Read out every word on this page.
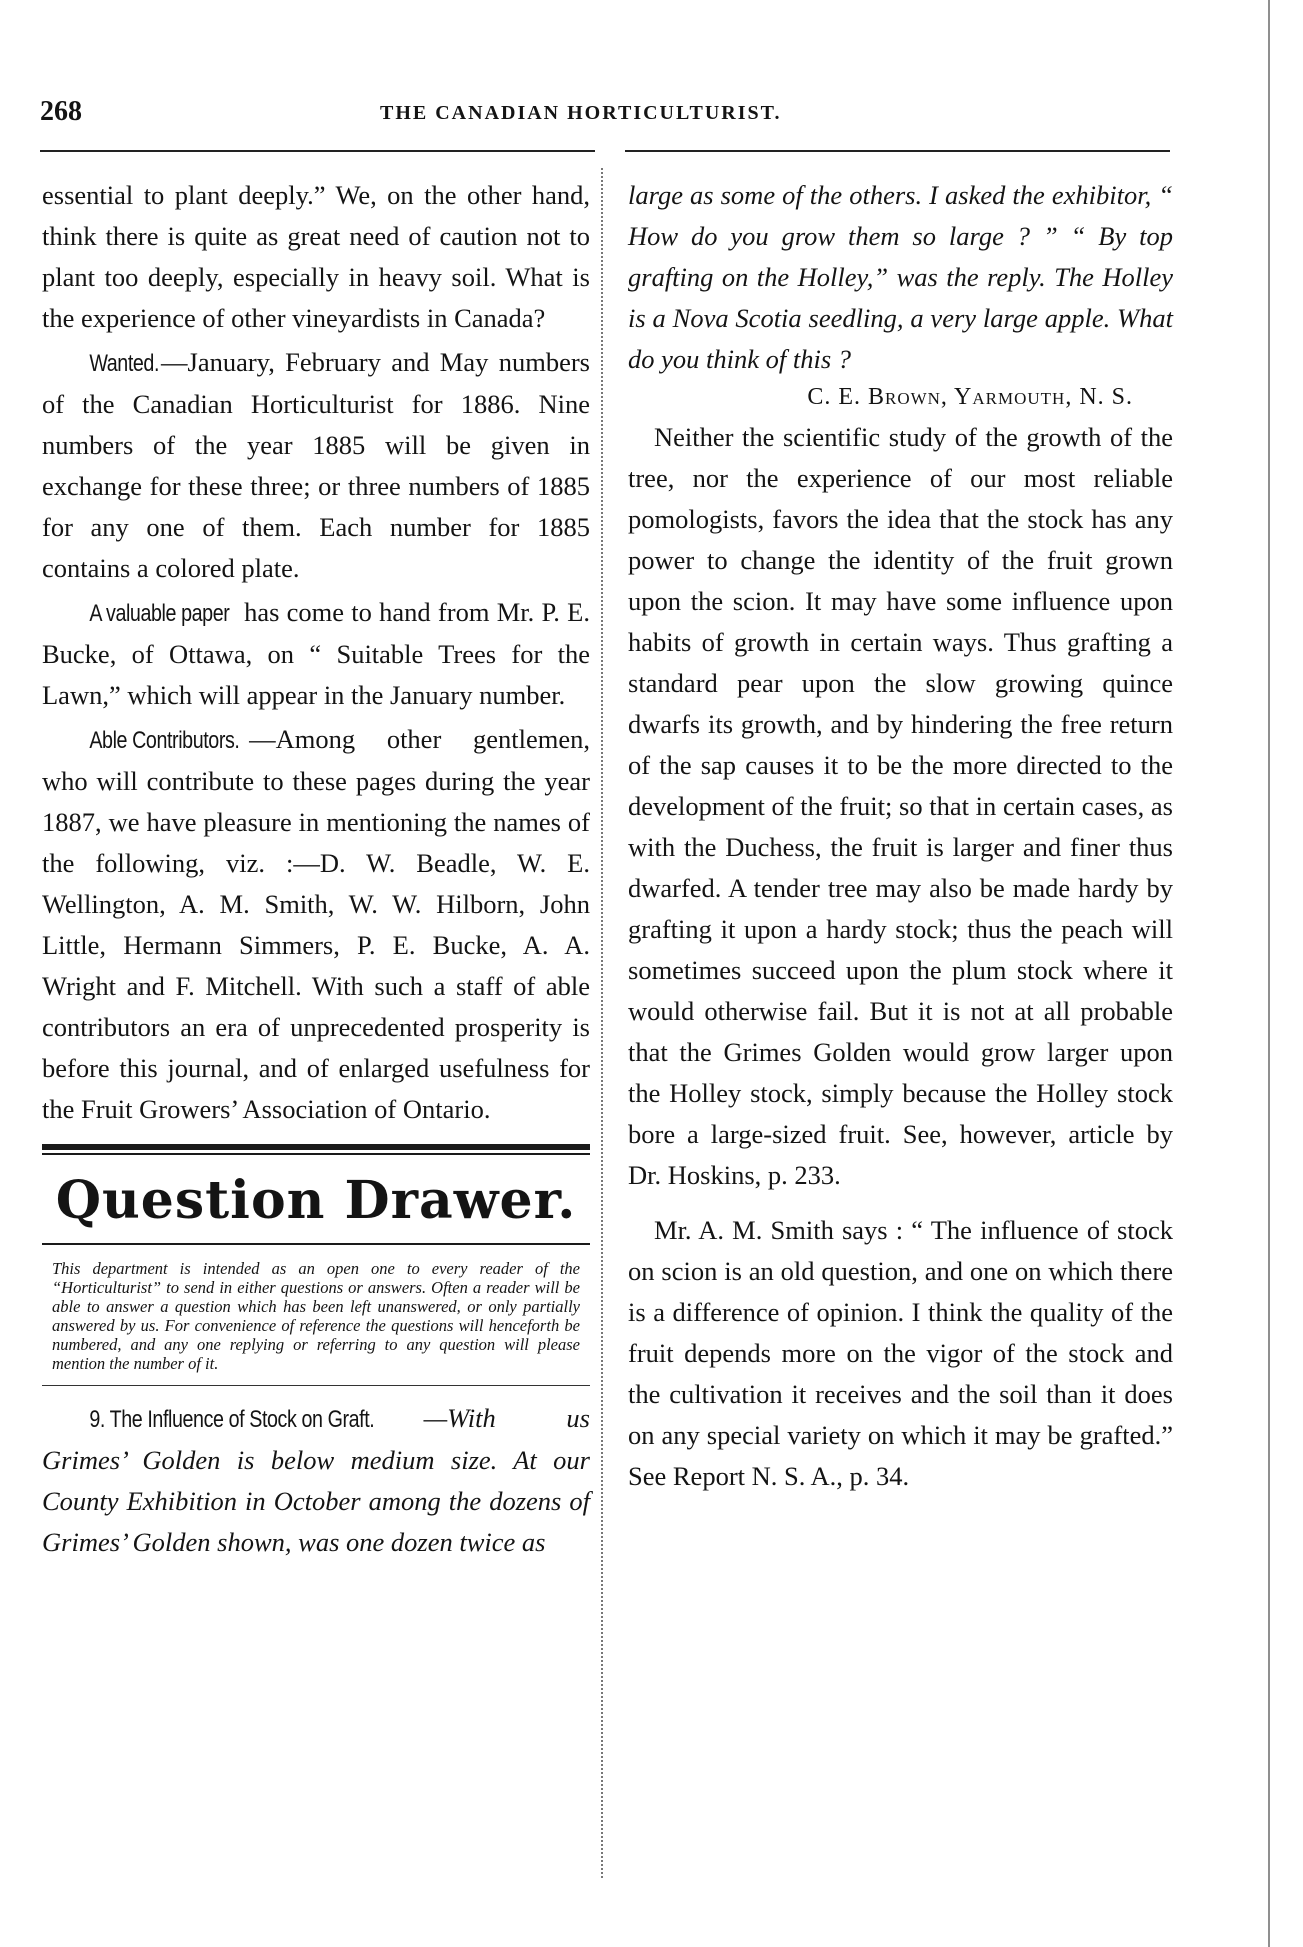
268	THE CANADIAN HORTICULTURIST.

essential to plant deeply.” We, on the other hand, think there is quite as great need of caution not to plant too deeply, especially in heavy soil. What is the experience of other vineyardists in Canada?

Wanted.—January, February and May numbers of the Canadian Horticulturist for 1886. Nine numbers of the year 1885 will be given in exchange for these three; or three numbers of 1885 for any one of them. Each number for 1885 contains a colored plate.

A valuable paper has come to hand from Mr. P. E. Bucke, of Ottawa, on “ Suitable Trees for the Lawn,” which will appear in the January number.

Able Contributors. —Among other gentlemen, who will contribute to these pages during the year 1887, we have pleasure in mentioning the names of the following, viz. :—D. W. Beadle, W. E. Wellington, A. M. Smith, W. W. Hilborn, John Little, Hermann Simmers, P. E. Bucke, A. A. Wright and F. Mitchell. With such a staff of able contributors an era of unprecedented prosperity is before this journal, and of enlarged usefulness for the Fruit Growers’ Association of Ontario.

Question Drawer.
This department is intended as an open one to every reader of the “Horticulturist” to send in either questions or answers. Often a reader will be able to answer a question which has been left unanswered, or only partially answered by us. For convenience of reference the questions will henceforth be numbered, and any one replying or referring to any question will please mention the number of it.

9. The Influence of Stock on Graft. —With us Grimes’ Golden is below medium size. At our County Exhibition in October among the dozens of Grimes’ Golden shown, was one dozen twice as

large as some of the others. I asked the exhibitor, “ How do you grow them so large ? ” “ By top grafting on the Holley,” was the reply. The Holley is a Nova Scotia seedling, a very large apple. What do you think of this ?

C. E. Brown, Yarmouth, N. S.

Neither the scientific study of the growth of the tree, nor the experience of our most reliable pomologists, favors the idea that the stock has any power to change the identity of the fruit grown upon the scion. It may have some influence upon habits of growth in certain ways. Thus grafting a standard pear upon the slow growing quince dwarfs its growth, and by hindering the free return of the sap causes it to be the more directed to the development of the fruit; so that in certain cases, as with the Duchess, the fruit is larger and finer thus dwarfed. A tender tree may also be made hardy by grafting it upon a hardy stock; thus the peach will sometimes succeed upon the plum stock where it would otherwise fail. But it is not at all probable that the Grimes Golden would grow larger upon the Holley stock, simply because the Holley stock bore a large-sized fruit. See, however, article by Dr. Hoskins, p. 233.

Mr. A. M. Smith says : “ The influence of stock on scion is an old question, and one on which there is a difference of opinion. I think the quality of the fruit depends more on the vigor of the stock and the cultivation it receives and the soil than it does on any special variety on which it may be grafted.” See Report N. S. A., p. 34.
